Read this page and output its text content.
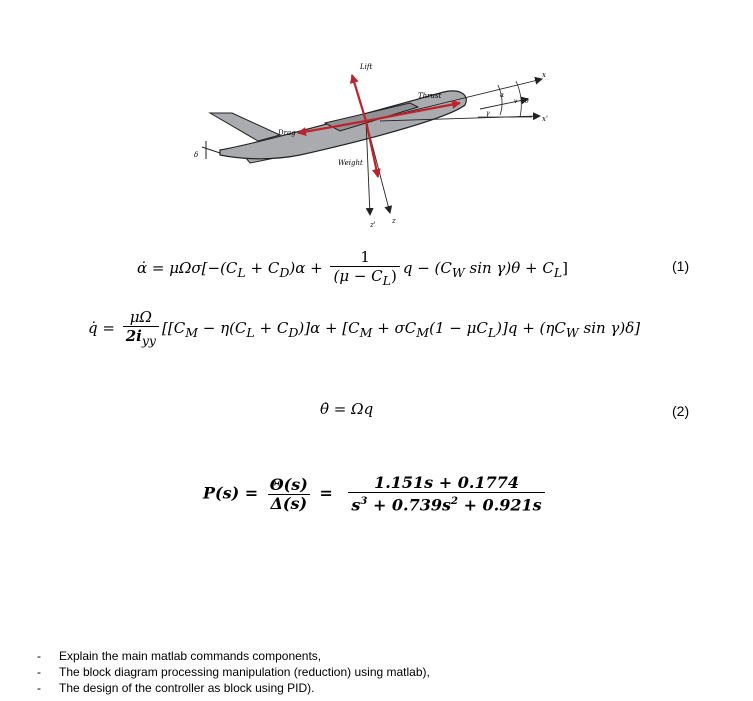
δ
x'
x
v
γ
α
θ
z' z
Lift
Thrust
Drag
Weight
α̇ = $\mu\Omega\sigma[-(C_L + C_D)\alpha + \frac{1}{(\mu - C_L)}$ $q - (C_W$ $\sin \gamma)\theta + C_L$]	(1)
q̇ = $\frac{\mu\Omega}{2i_{yy}} [[C_M - \eta(C_L + C_D)]\alpha + [C_M + \sigma C_M(1 - \mu C_L)]q + (\eta C_W$ sin γ)δ]
θ̇ = Ωq	(2)
$P(s) = \frac{\Theta(s)}{\Delta(s)} = \frac{1.151s + 0.1774}{s^3 + 0.739s^2 + 0.921s}$
- Explain the main matlab commands components,
- The block diagram processing manipulation (reduction) using matlab),
- The design of the controller as block using PID).
